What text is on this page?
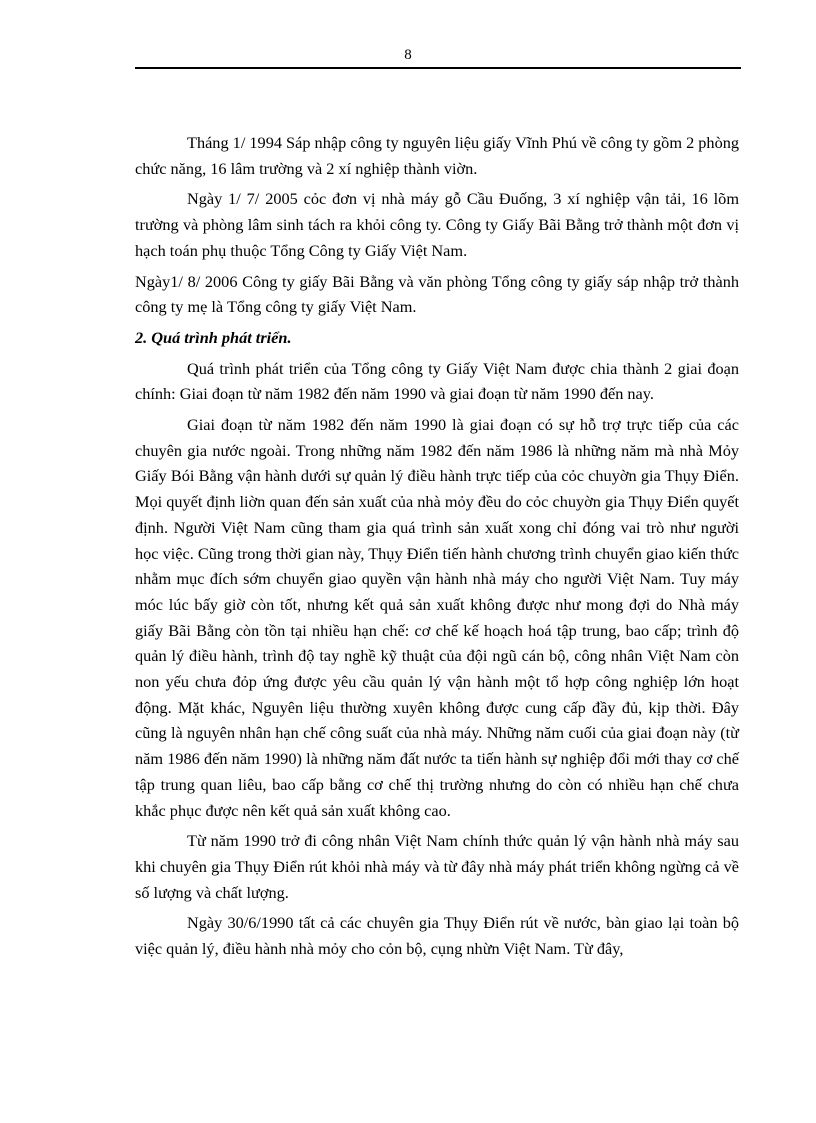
8

Tháng 1/ 1994 Sáp nhập công ty nguyên liệu giấy Vĩnh Phú về công ty gồm 2 phòng chức năng, 16 lâm trường và 2 xí nghiệp thành viờn.

Ngày 1/ 7/ 2005 cỏc đơn vị nhà máy gỗ Cầu Đuống, 3 xí nghiệp vận tải, 16 lõm trường và phòng lâm sinh tách ra khỏi công ty. Công ty Giấy Bãi Bằng trở thành một đơn vị hạch toán phụ thuộc Tổng Công ty Giấy Việt Nam.

Ngày1/ 8/ 2006 Công ty giấy Bãi Bằng và văn phòng Tổng công ty giấy sáp nhập trở thành công ty mẹ là Tổng công ty giấy Việt Nam.

2. Quá trình phát triển.

Quá trình phát triển của Tổng công ty Giấy Việt Nam được chia thành 2 giai đoạn chính: Giai đoạn từ năm 1982 đến năm 1990 và giai đoạn từ năm 1990 đến nay.

Giai đoạn từ năm 1982 đến năm 1990 là giai đoạn có sự hỗ trợ trực tiếp của các chuyên gia nước ngoài. Trong những năm 1982 đến năm 1986 là những năm mà nhà Mỏy Giấy Bói Bằng vận hành dưới sự quản lý điều hành trực tiếp của cỏc chuyờn gia Thụy Điển. Mọi quyết định liờn quan đến sản xuất của nhà mỏy đều do cỏc chuyờn gia Thụy Điển quyết định. Người Việt Nam cũng tham gia quá trình sản xuất xong chỉ đóng vai trò như người học việc. Cũng trong thời gian này, Thụy Điển tiến hành chương trình chuyển giao kiến thức nhằm mục đích sớm chuyển giao quyền vận hành nhà máy cho người Việt Nam. Tuy máy móc lúc bấy giờ còn tốt, nhưng kết quả sản xuất không được như mong đợi do Nhà máy giấy Bãi Bằng còn tồn tại nhiều hạn chế: cơ chế kế hoạch hoá tập trung, bao cấp; trình độ quản lý điều hành, trình độ tay nghề kỹ thuật của đội ngũ cán bộ, công nhân Việt Nam còn non yếu chưa đỏp ứng được yêu cầu quản lý vận hành một tổ hợp công nghiệp lớn hoạt động. Mặt khác, Nguyên liệu thường xuyên không được cung cấp đầy đủ, kịp thời. Đây cũng là nguyên nhân hạn chế công suất của nhà máy. Những năm cuối của giai đoạn này (từ năm 1986 đến năm 1990) là những năm đất nước ta tiến hành sự nghiệp đổi mới thay cơ chế tập trung quan liêu, bao cấp bằng cơ chế thị trường nhưng do còn có nhiều hạn chế chưa khắc phục được nên kết quả sản xuất không cao.

Từ năm 1990 trở đi công nhân Việt Nam chính thức quản lý vận hành nhà máy sau khi chuyên gia Thụy Điển rút khỏi nhà máy và từ đây nhà máy phát triển không ngừng cả về số lượng và chất lượng.

Ngày 30/6/1990 tất cả các chuyên gia Thụy Điển rút về nước, bàn giao lại toàn bộ việc quản lý, điều hành nhà mỏy cho cỏn bộ, cụng nhừn Việt Nam. Từ đây,
